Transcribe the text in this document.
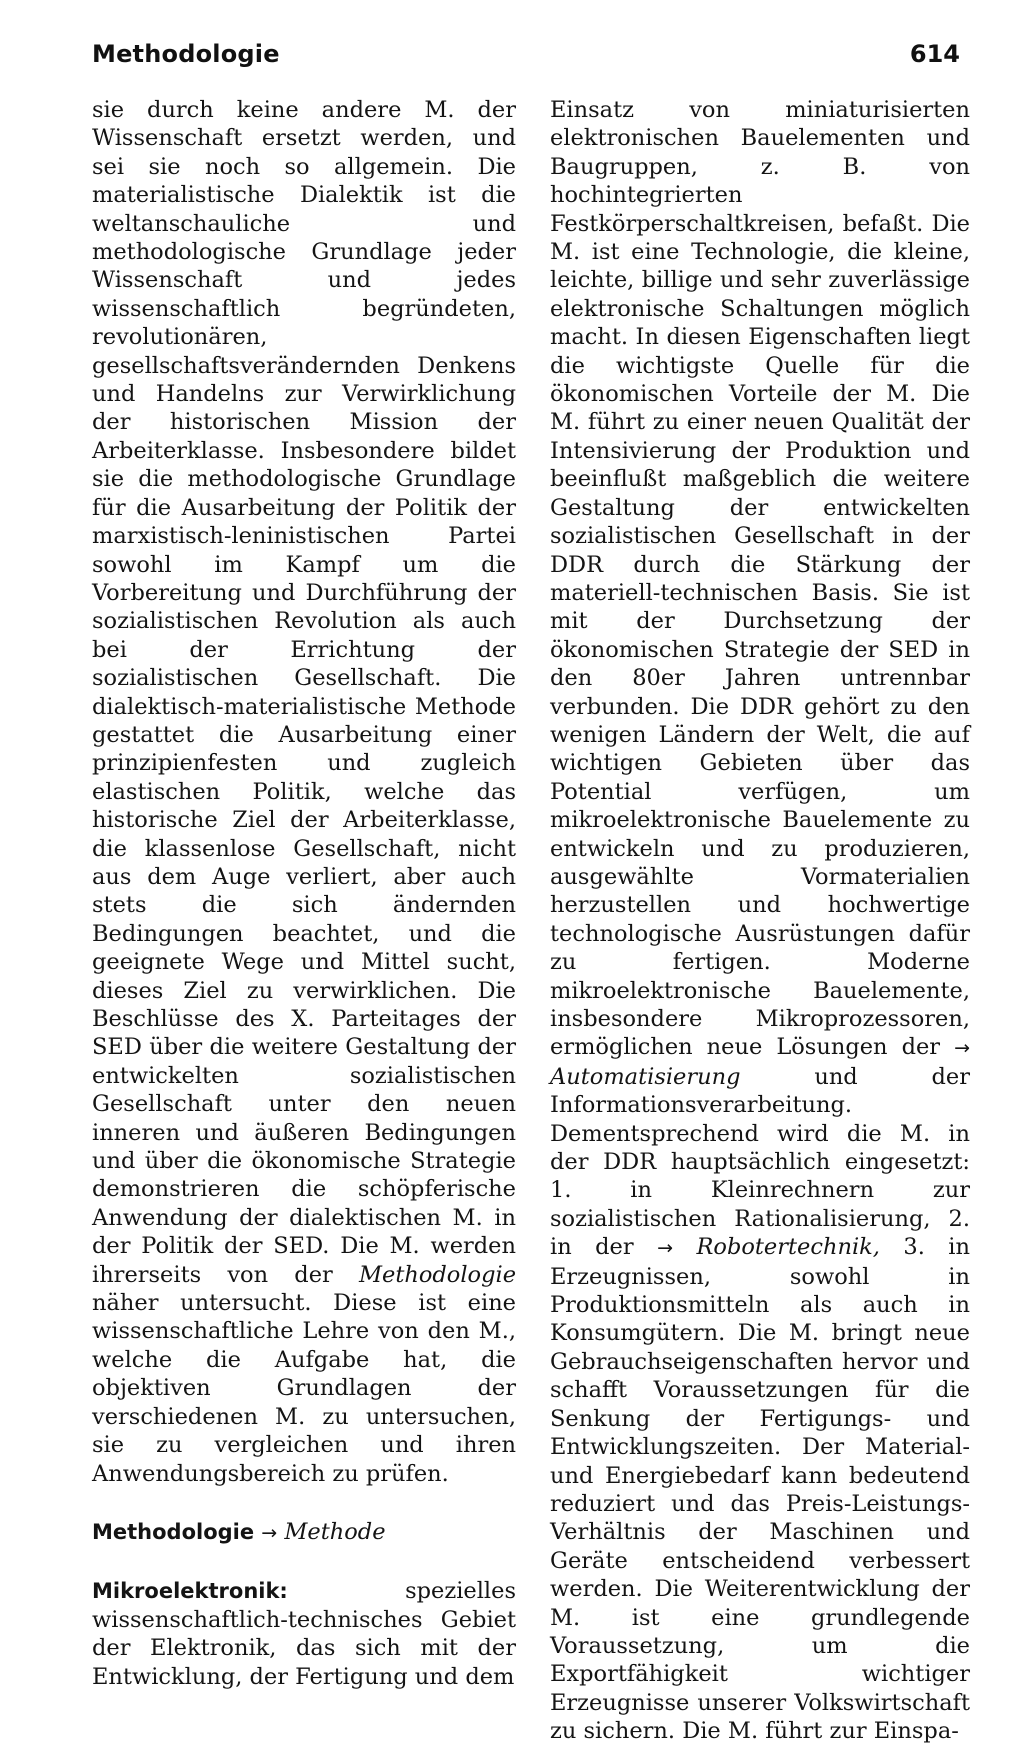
Methodologie	614

sie durch keine andere M. der Wissenschaft ersetzt werden, und sei sie noch so allgemein. Die materialistische Dialektik ist die weltanschauliche und methodologische Grundlage jeder Wissenschaft und jedes wissenschaftlich begründeten, revolutionären, gesellschaftsverändernden Denkens und Handelns zur Verwirklichung der historischen Mission der Arbeiterklasse. Insbesondere bildet sie die methodologische Grundlage für die Ausarbeitung der Politik der marxistisch-leninistischen Partei sowohl im Kampf um die Vorbereitung und Durchführung der sozialistischen Revolution als auch bei der Errichtung der sozialistischen Gesellschaft. Die dialektisch-materialistische Methode gestattet die Ausarbeitung einer prinzipienfesten und zugleich elastischen Politik, welche das historische Ziel der Arbeiterklasse, die klassenlose Gesellschaft, nicht aus dem Auge verliert, aber auch stets die sich ändernden Bedingungen beachtet, und die geeignete Wege und Mittel sucht, dieses Ziel zu verwirklichen. Die Beschlüsse des X. Parteitages der SED über die weitere Gestaltung der entwickelten sozialistischen Gesellschaft unter den neuen inneren und äußeren Bedingungen und über die ökonomische Strategie demonstrieren die schöpferische Anwendung der dialektischen M. in der Politik der SED. Die M. werden ihrerseits von der Methodologie näher untersucht. Diese ist eine wissenschaftliche Lehre von den M., welche die Aufgabe hat, die objektiven Grundlagen der verschiedenen M. zu untersuchen, sie zu vergleichen und ihren Anwendungsbereich zu prüfen.

Methodologie → Methode

Mikroelektronik:	spezielles wissenschaftlich-technisches Gebiet der Elektronik, das sich mit der Entwicklung, der Fertigung und dem

Einsatz von miniaturisierten elektronischen Bauelementen und Baugruppen, z. B. von hochintegrierten Festkörperschaltkreisen, befaßt. Die M. ist eine Technologie, die kleine, leichte, billige und sehr zuverlässige elektronische Schaltungen möglich macht. In diesen Eigenschaften liegt die wichtigste Quelle für die ökonomischen Vorteile der M. Die M. führt zu einer neuen Qualität der Intensivierung der Produktion und beeinflußt maßgeblich die weitere Gestaltung der entwickelten sozialistischen Gesellschaft in der DDR durch die Stärkung der materiell-technischen Basis. Sie ist mit der Durchsetzung der ökonomischen Strategie der SED in den 80er Jahren untrennbar verbunden. Die DDR gehört zu den wenigen Ländern der Welt, die auf wichtigen Gebieten über das Potential verfügen, um mikroelektronische Bauelemente zu entwickeln und zu produzieren, ausgewählte Vormaterialien herzustellen und hochwertige technologische Ausrüstungen dafür zu fertigen. Moderne mikroelektronische Bauelemente, insbesondere Mikroprozessoren, ermöglichen neue Lösungen der → Automatisierung	und der Informationsverarbeitung. Dementsprechend wird die M. in der DDR hauptsächlich eingesetzt: 1. in Kleinrechnern zur sozialistischen Rationalisierung, 2. in der → Robotertechnik, 3. in Erzeugnissen, sowohl in Produktionsmitteln als auch in Konsumgütern. Die M. bringt neue Gebrauchseigenschaften hervor und schafft Voraussetzungen für die Senkung der Fertigungs- und Entwicklungszeiten. Der Material- und Energiebedarf kann bedeutend reduziert und das Preis-Leistungs-Verhältnis der Maschinen und Geräte entscheidend verbessert werden. Die Weiterentwicklung der M. ist eine grundlegende Voraussetzung, um die Exportfähigkeit wichtiger Erzeugnisse unserer Volkswirtschaft zu sichern. Die M. führt zur Einspa-
